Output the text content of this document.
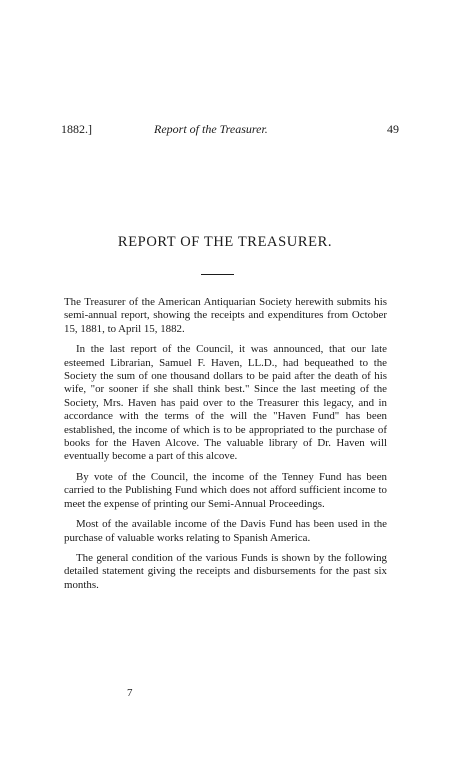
1882.]	Report of the Treasurer.	49
REPORT OF THE TREASURER.

The Treasurer of the American Antiquarian Society herewith submits his semi-annual report, showing the receipts and expenditures from October 15, 1881, to April 15, 1882.

In the last report of the Council, it was announced, that our late esteemed Librarian, Samuel F. Haven, LL.D., had bequeathed to the Society the sum of one thousand dollars to be paid after the death of his wife, "or sooner if she shall think best." Since the last meeting of the Society, Mrs. Haven has paid over to the Treasurer this legacy, and in accordance with the terms of the will the "Haven Fund" has been established, the income of which is to be appropriated to the purchase of books for the Haven Alcove. The valuable library of Dr. Haven will eventually become a part of this alcove.

By vote of the Council, the income of the Tenney Fund has been carried to the Publishing Fund which does not afford sufficient income to meet the expense of printing our Semi-Annual Proceedings.

Most of the available income of the Davis Fund has been used in the purchase of valuable works relating to Spanish America.

The general condition of the various Funds is shown by the following detailed statement giving the receipts and disbursements for the past six months.

7
